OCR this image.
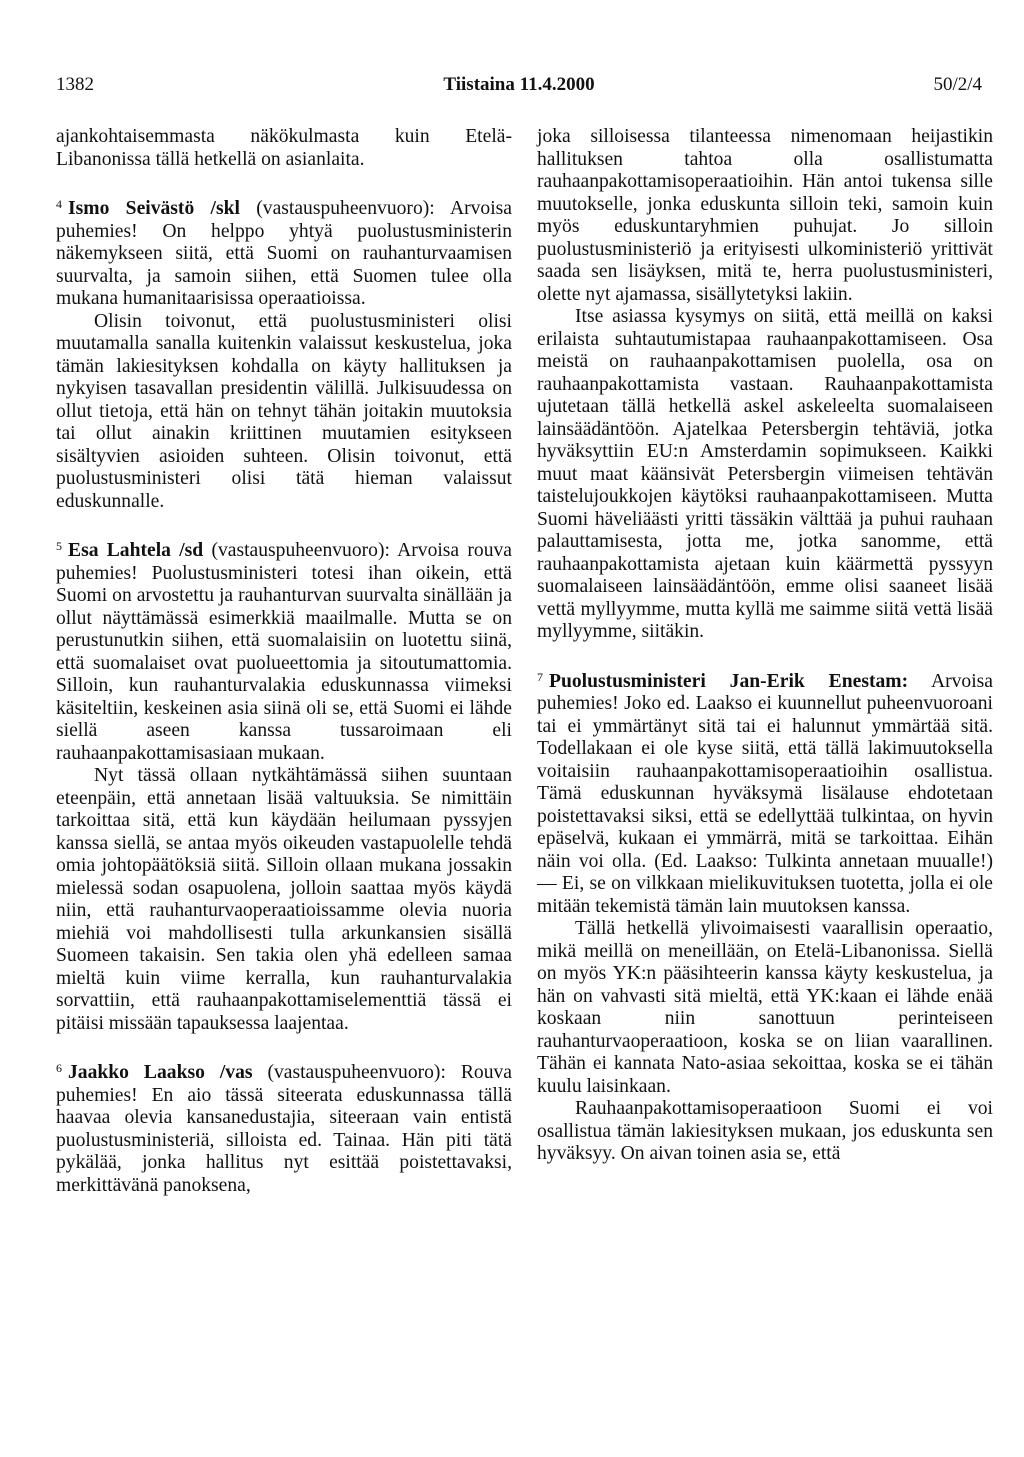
1382	Tiistaina 11.4.2000	50/2/4

ajankohtaisemmasta näkökulmasta kuin Etelä-Libanonissa tällä hetkellä on asianlaita.

$^4$ Ismo Seivästö /skl (vastauspuheenvuoro): Arvoisa puhemies! On helppo yhtyä puolustusministerin näkemykseen siitä, että Suomi on rauhanturvaamisen suurvalta, ja samoin siihen, että Suomen tulee olla mukana humanitaarisissa operaatioissa.

Olisin toivonut, että puolustusministeri olisi muutamalla sanalla kuitenkin valaissut keskustelua, joka tämän lakiesityksen kohdalla on käyty hallituksen ja nykyisen tasavallan presidentin välillä. Julkisuudessa on ollut tietoja, että hän on tehnyt tähän joitakin muutoksia tai ollut ainakin kriittinen muutamien esitykseen sisältyvien asioiden suhteen. Olisin toivonut, että puolustusministeri olisi tätä hieman valaissut eduskunnalle.

$^5$ Esa Lahtela /sd (vastauspuheenvuoro): Arvoisa rouva puhemies! Puolustusministeri totesi ihan oikein, että Suomi on arvostettu ja rauhanturvan suurvalta sinällään ja ollut näyttämässä esimerkkiä maailmalle. Mutta se on perustunutkin siihen, että suomalaisiin on luotettu siinä, että suomalaiset ovat puolueettomia ja sitoutumattomia. Silloin, kun rauhanturvalakia eduskunnassa viimeksi käsiteltiin, keskeinen asia siinä oli se, että Suomi ei lähde siellä aseen kanssa tussaroimaan eli rauhaanpakottamisasiaan mukaan.

Nyt tässä ollaan nytkähtämässä siihen suuntaan eteenpäin, että annetaan lisää valtuuksia. Se nimittäin tarkoittaa sitä, että kun käydään heilumaan pyssyjen kanssa siellä, se antaa myös oikeuden vastapuolelle tehdä omia johtopäätöksiä siitä. Silloin ollaan mukana jossakin mielessä sodan osapuolena, jolloin saattaa myös käydä niin, että rauhanturvaoperaatioissamme olevia nuoria miehiä voi mahdollisesti tulla arkunkansien sisällä Suomeen takaisin. Sen takia olen yhä edelleen samaa mieltä kuin viime kerralla, kun rauhanturvalakia sorvattiin, että rauhaanpakottamiselementtiä tässä ei pitäisi missään tapauksessa laajentaa.

$^6$ Jaakko Laakso /vas (vastauspuheenvuoro): Rouva puhemies! En aio tässä siteerata eduskunnassa tällä haavaa olevia kansanedustajia, siteeraan vain entistä puolustusministeriä, silloista ed. Tainaa. Hän piti tätä pykälää, jonka hallitus nyt esittää poistettavaksi, merkittävänä panoksena,

joka silloisessa tilanteessa nimenomaan heijastikin hallituksen tahtoa olla osallistumatta rauhaanpakottamisoperaatioihin. Hän antoi tukensa sille muutokselle, jonka eduskunta silloin teki, samoin kuin myös eduskuntaryhmien puhujat. Jo silloin puolustusministeriö ja erityisesti ulkoministeriö yrittivät saada sen lisäyksen, mitä te, herra puolustusministeri, olette nyt ajamassa, sisällytetyksi lakiin.

Itse asiassa kysymys on siitä, että meillä on kaksi erilaista suhtautumistapaa rauhaanpakottamiseen. Osa meistä on rauhaanpakottamisen puolella, osa on rauhaanpakottamista vastaan. Rauhaanpakottamista ujutetaan tällä hetkellä askel askeleelta suomalaiseen lainsäädäntöön. Ajatelkaa Petersbergin tehtäviä, jotka hyväksyttiin EU:n Amsterdamin sopimukseen. Kaikki muut maat käänsivät Petersbergin viimeisen tehtävän taistelujoukkojen käytöksi rauhaanpakottamiseen. Mutta Suomi häveliäästi yritti tässäkin välttää ja puhui rauhaan palauttamisesta, jotta me, jotka sanomme, että rauhaanpakottamista ajetaan kuin käärmettä pyssyyn suomalaiseen lainsäädäntöön, emme olisi saaneet lisää vettä myllyymme, mutta kyllä me saimme siitä vettä lisää myllyymme, siitäkin.

$^7$ Puolustusministeri Jan-Erik Enestam: Arvoisa puhemies! Joko ed. Laakso ei kuunnellut puheenvuoroani tai ei ymmärtänyt sitä tai ei halunnut ymmärtää sitä. Todellakaan ei ole kyse siitä, että tällä lakimuutoksella voitaisiin rauhaanpakottamisoperaatioihin osallistua. Tämä eduskunnan hyväksymä lisälause ehdotetaan poistettavaksi siksi, että se edellyttää tulkintaa, on hyvin epäselvä, kukaan ei ymmärrä, mitä se tarkoittaa. Eihän näin voi olla. (Ed. Laakso: Tulkinta annetaan muualle!) — Ei, se on vilkkaan mielikuvituksen tuotetta, jolla ei ole mitään tekemistä tämän lain muutoksen kanssa.

Tällä hetkellä ylivoimaisesti vaarallisin operaatio, mikä meillä on meneillään, on Etelä-Libanonissa. Siellä on myös YK:n pääsihteerin kanssa käyty keskustelua, ja hän on vahvasti sitä mieltä, että YK:kaan ei lähde enää koskaan niin sanottuun perinteiseen rauhanturvaoperaatioon, koska se on liian vaarallinen. Tähän ei kannata Nato-asiaa sekoittaa, koska se ei tähän kuulu laisinkaan.

Rauhaanpakottamisoperaatioon Suomi ei voi osallistua tämän lakiesityksen mukaan, jos eduskunta sen hyväksyy. On aivan toinen asia se, että
